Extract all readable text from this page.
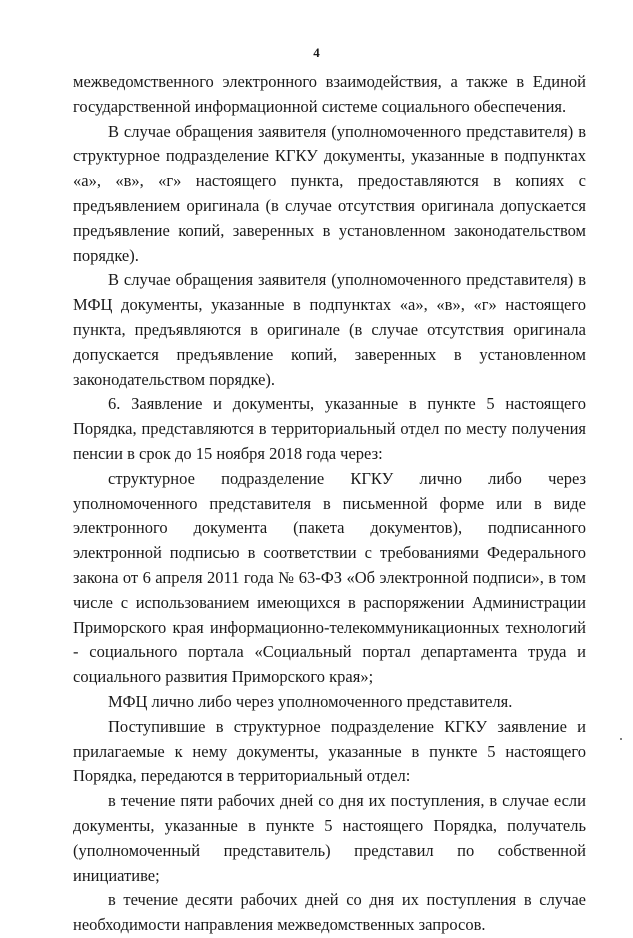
4

межведомственного электронного взаимодействия, а также в Единой государственной информационной системе социального обеспечения.

В случае обращения заявителя (уполномоченного представителя) в структурное подразделение КГКУ документы, указанные в подпунктах «а», «в», «г» настоящего пункта, предоставляются в копиях с предъявлением оригинала (в случае отсутствия оригинала допускается предъявление копий, заверенных в установленном законодательством порядке).

В случае обращения заявителя (уполномоченного представителя) в МФЦ документы, указанные в подпунктах «а», «в», «г» настоящего пункта, предъявляются в оригинале (в случае отсутствия оригинала допускается предъявление копий, заверенных в установленном законодательством порядке).

6. Заявление и документы, указанные в пункте 5 настоящего Порядка, представляются в территориальный отдел по месту получения пенсии в срок до 15 ноября 2018 года через:

структурное подразделение КГКУ лично либо через уполномоченного представителя в письменной форме или в виде электронного документа (пакета документов), подписанного электронной подписью в соответствии с требованиями Федерального закона от 6 апреля 2011 года № 63-ФЗ «Об электронной подписи», в том числе с использованием имеющихся в распоряжении Администрации Приморского края информационно-телекоммуникационных технологий - социального портала «Социальный портал департамента труда и социального развития Приморского края»;

МФЦ лично либо через уполномоченного представителя.

Поступившие в структурное подразделение КГКУ заявление и прилагаемые к нему документы, указанные в пункте 5 настоящего Порядка, передаются в территориальный отдел:

в течение пяти рабочих дней со дня их поступления, в случае если документы, указанные в пункте 5 настоящего Порядка, получатель (уполномоченный представитель) представил по собственной инициативе;

в течение десяти рабочих дней со дня их поступления в случае необходимости направления межведомственных запросов.
